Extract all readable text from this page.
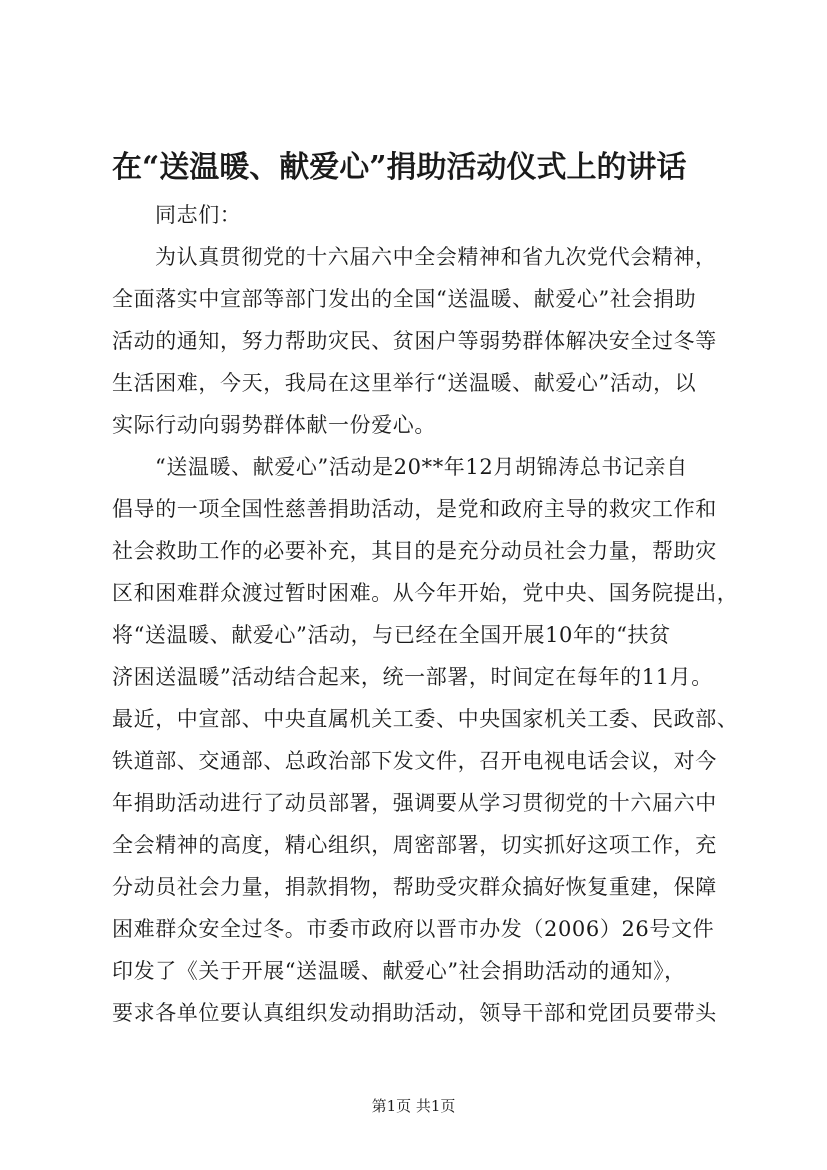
在“送温暖、献爱心”捐助活动仪式上的讲话
同志们：
为认真贯彻党的十六届六中全会精神和省九次党代会精神，
全面落实中宣部等部门发出的全国“送温暖、献爱心”社会捐助
活动的通知，努力帮助灾民、贫困户等弱势群体解决安全过冬等
生活困难，今天，我局在这里举行“送温暖、献爱心”活动，以
实际行动向弱势群体献一份爱心。
“送温暖、献爱心”活动是20**年12月胡锦涛总书记亲自
倡导的一项全国性慈善捐助活动，是党和政府主导的救灾工作和
社会救助工作的必要补充，其目的是充分动员社会力量，帮助灾
区和困难群众渡过暂时困难。从今年开始，党中央、国务院提出，
将“送温暖、献爱心”活动，与已经在全国开展10年的“扶贫
济困送温暖”活动结合起来，统一部署，时间定在每年的11月。
最近，中宣部、中央直属机关工委、中央国家机关工委、民政部、
铁道部、交通部、总政治部下发文件，召开电视电话会议，对今
年捐助活动进行了动员部署，强调要从学习贯彻党的十六届六中
全会精神的高度，精心组织，周密部署，切实抓好这项工作，充
分动员社会力量，捐款捐物，帮助受灾群众搞好恢复重建，保障
困难群众安全过冬。市委市政府以晋市办发（2006）26号文件
印发了《关于开展“送温暖、献爱心”社会捐助活动的通知》，
要求各单位要认真组织发动捐助活动，领导干部和党团员要带头
第1页 共1页
